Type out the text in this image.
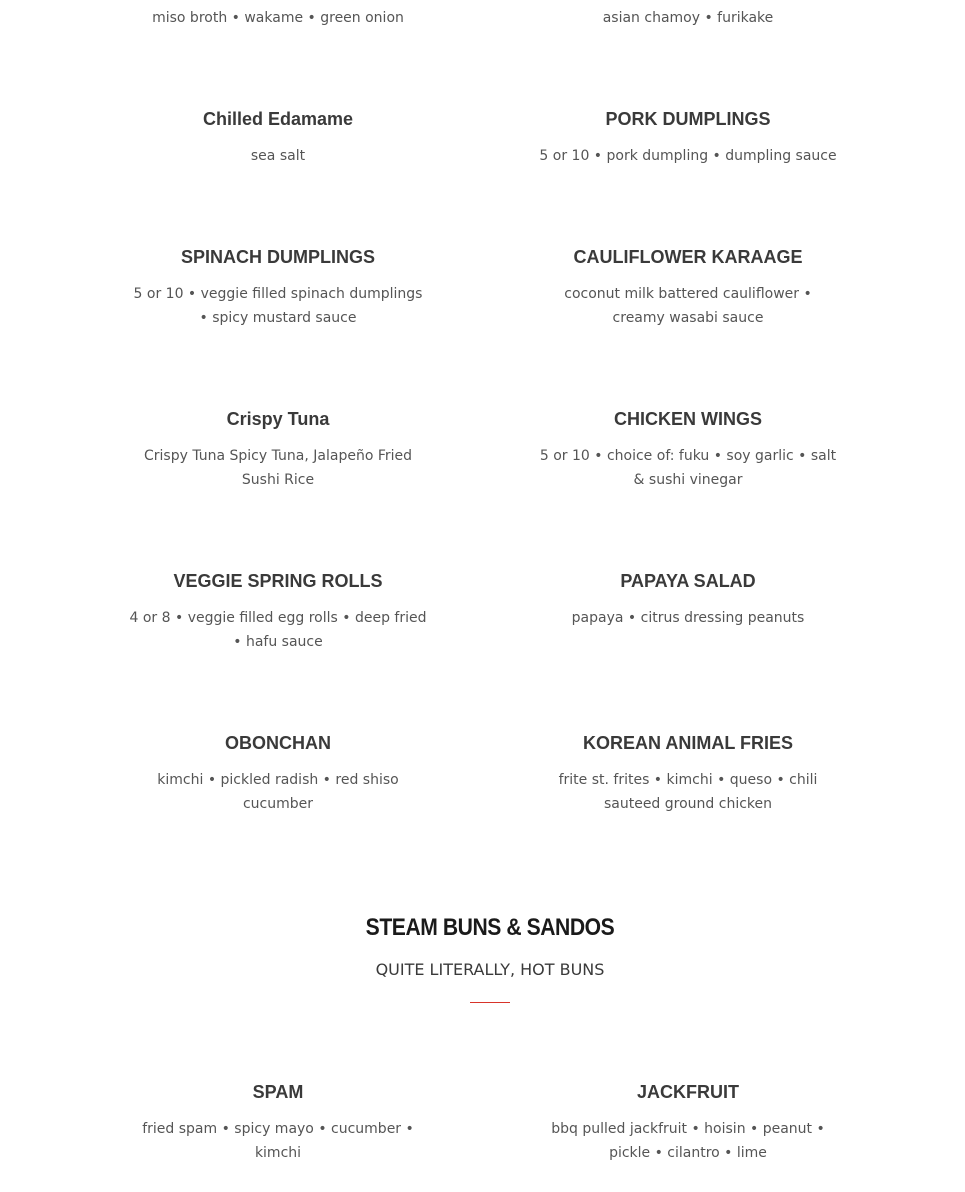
miso broth • wakame • green onion	asian chamoy • furikake

Chilled Edamame

sea salt

PORK DUMPLINGS

5 or 10 • pork dumpling • dumpling sauce

SPINACH DUMPLINGS

5 or 10 • veggie filled spinach dumplings • spicy mustard sauce

CAULIFLOWER KARAAGE

coconut milk battered cauliflower • creamy wasabi sauce

Crispy Tuna

Crispy Tuna Spicy Tuna, Jalapeño Fried Sushi Rice

CHICKEN WINGS

5 or 10 • choice of: fuku • soy garlic • salt & sushi vinegar

VEGGIE SPRING ROLLS

4 or 8 • veggie filled egg rolls • deep fried • hafu sauce

PAPAYA SALAD

papaya • citrus dressing peanuts

OBONCHAN

kimchi • pickled radish • red shiso cucumber

KOREAN ANIMAL FRIES

frite st. frites • kimchi • queso • chili sauteed ground chicken

STEAM BUNS & SANDOS

QUITE LITERALLY, HOT BUNS

SPAM

fried spam • spicy mayo • cucumber • kimchi

JACKFRUIT

bbq pulled jackfruit • hoisin • peanut • pickle • cilantro • lime
